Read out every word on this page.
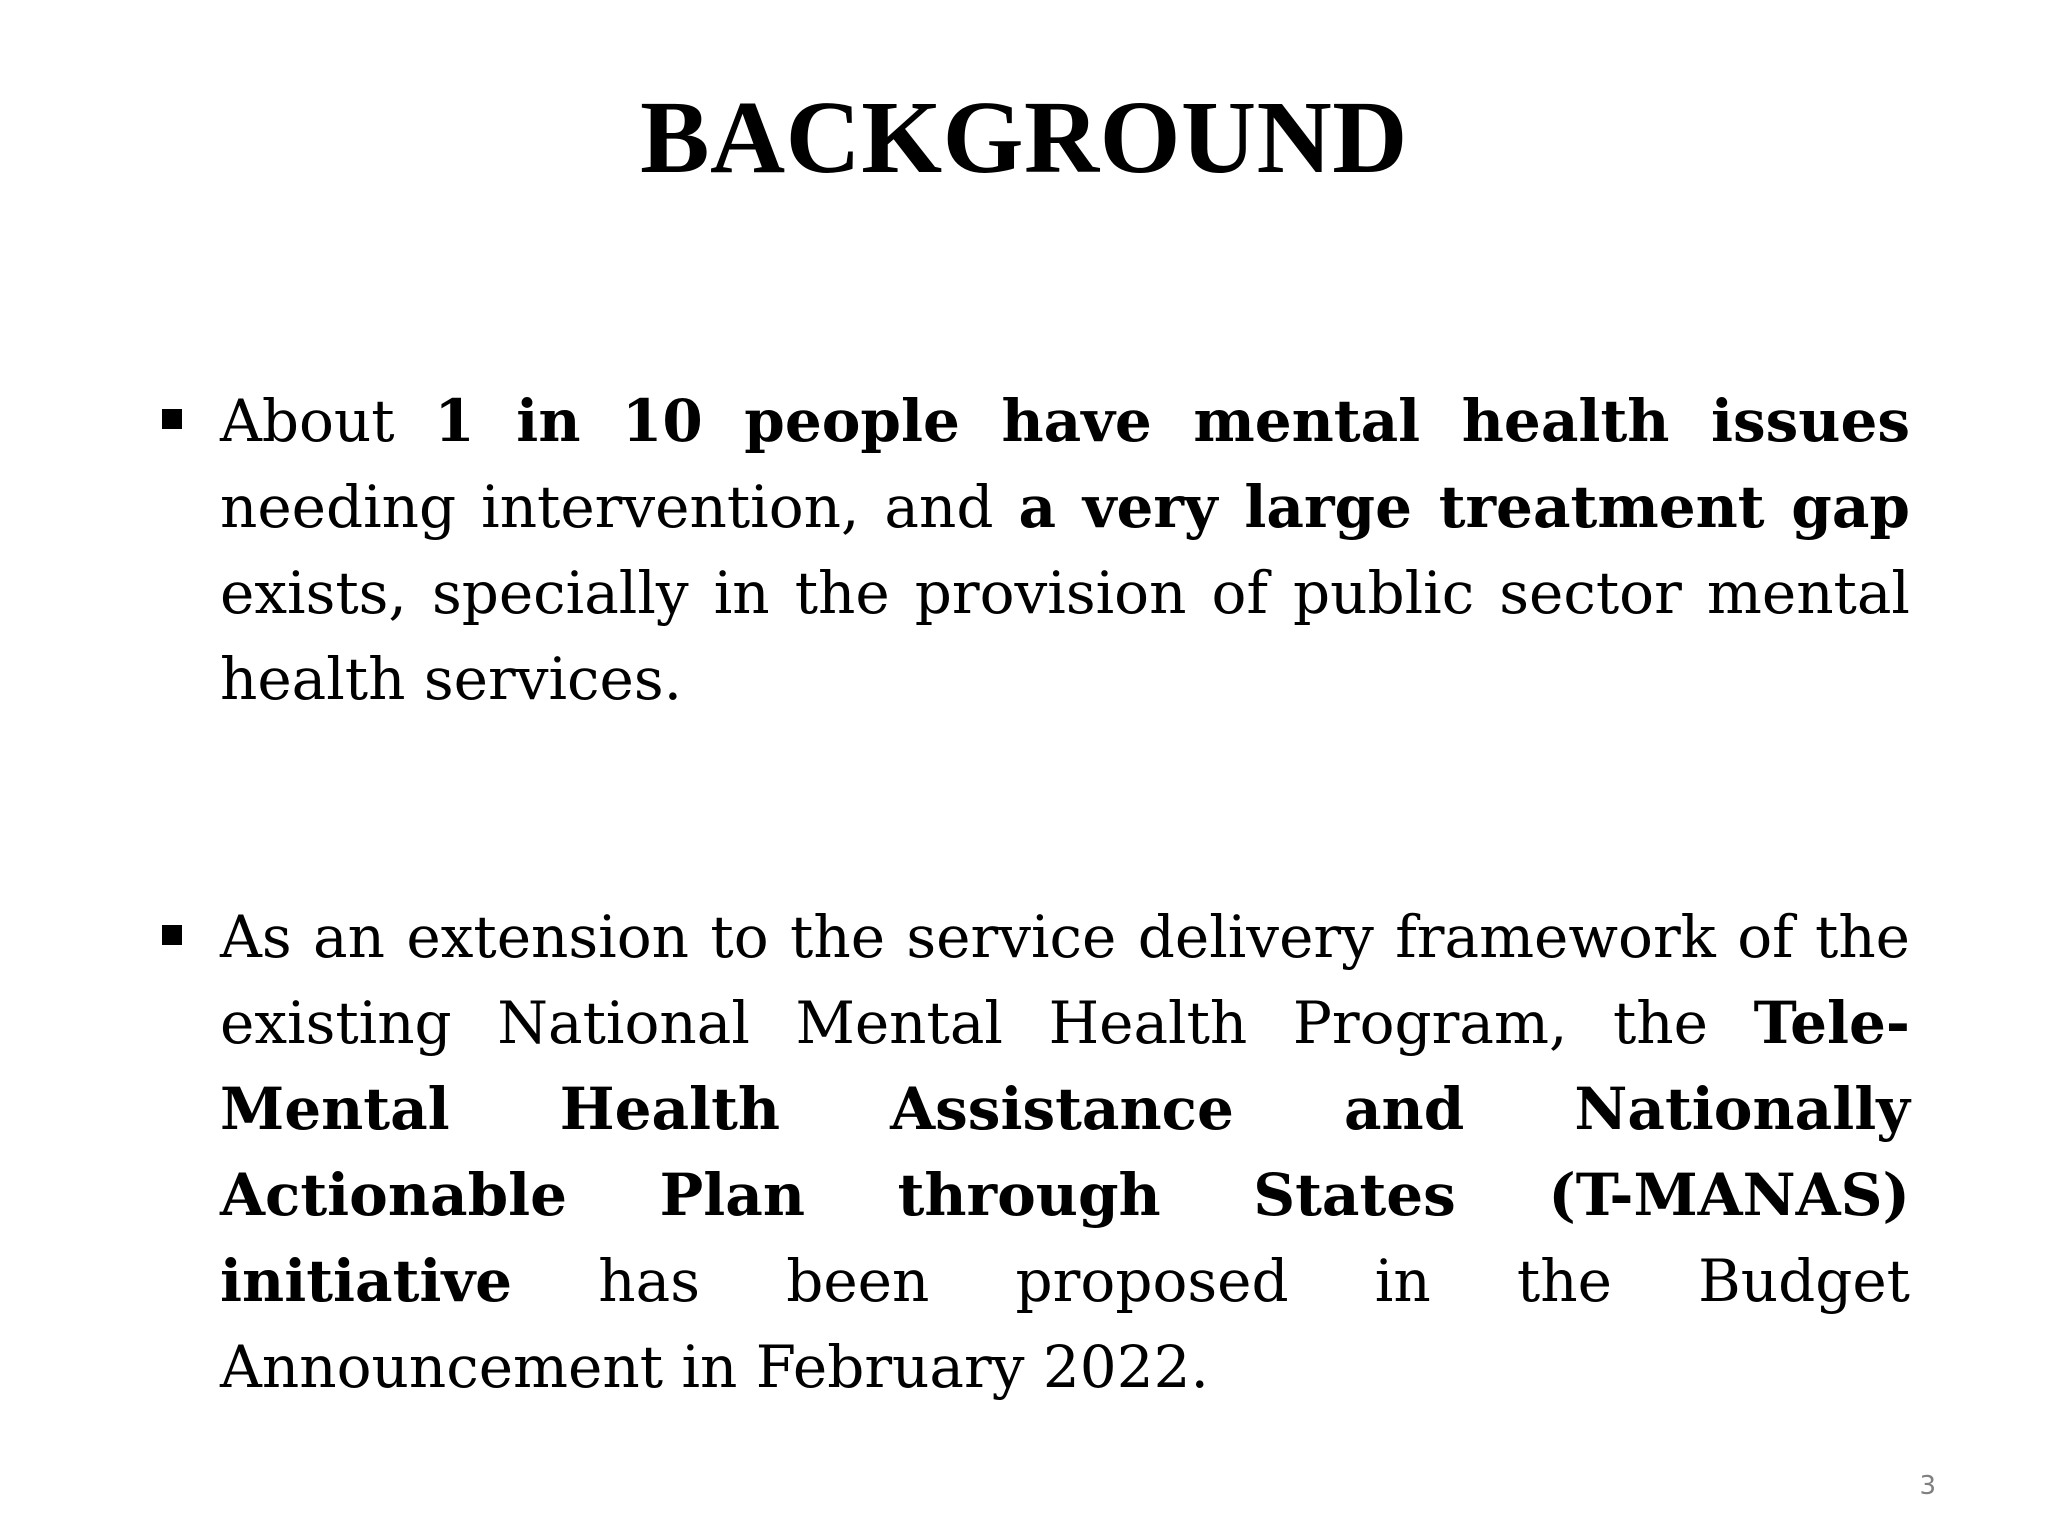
BACKGROUND
About 1 in 10 people have mental health issues needing intervention, and a very large treatment gap exists, specially in the provision of public sector mental health services.
As an extension to the service delivery framework of the existing National Mental Health Program, the Tele-Mental Health Assistance and Nationally Actionable Plan through States (T-MANAS) initiative has been proposed in the Budget Announcement in February 2022.
3
